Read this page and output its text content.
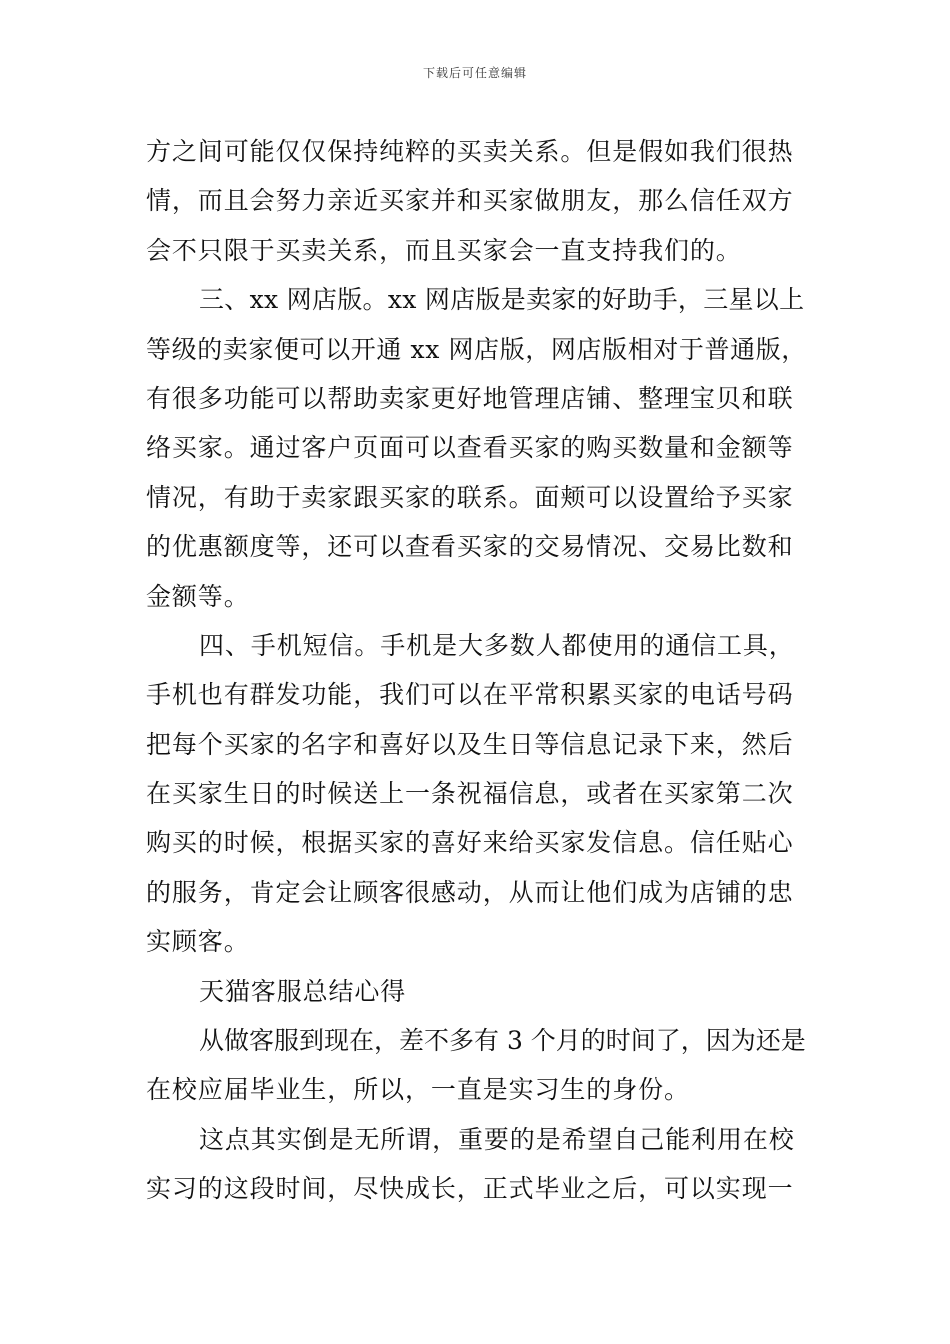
下载后可任意编辑
方之间可能仅仅保持纯粹的买卖关系。但是假如我们很热
情，而且会努力亲近买家并和买家做朋友，那么信任双方
会不只限于买卖关系，而且买家会一直支持我们的。
三、xx 网店版。xx 网店版是卖家的好助手，三星以上
等级的卖家便可以开通 xx 网店版，网店版相对于普通版，
有很多功能可以帮助卖家更好地管理店铺、整理宝贝和联
络买家。通过客户页面可以查看买家的购买数量和金额等
情况，有助于卖家跟买家的联系。面颊可以设置给予买家
的优惠额度等，还可以查看买家的交易情况、交易比数和
金额等。
四、手机短信。手机是大多数人都使用的通信工具，
手机也有群发功能，我们可以在平常积累买家的电话号码
把每个买家的名字和喜好以及生日等信息记录下来，然后
在买家生日的时候送上一条祝福信息，或者在买家第二次
购买的时候，根据买家的喜好来给买家发信息。信任贴心
的服务，肯定会让顾客很感动，从而让他们成为店铺的忠
实顾客。
天猫客服总结心得
从做客服到现在，差不多有 3 个月的时间了，因为还是
在校应届毕业生，所以，一直是实习生的身份。
这点其实倒是无所谓，重要的是希望自己能利用在校
实习的这段时间，尽快成长，正式毕业之后，可以实现一
